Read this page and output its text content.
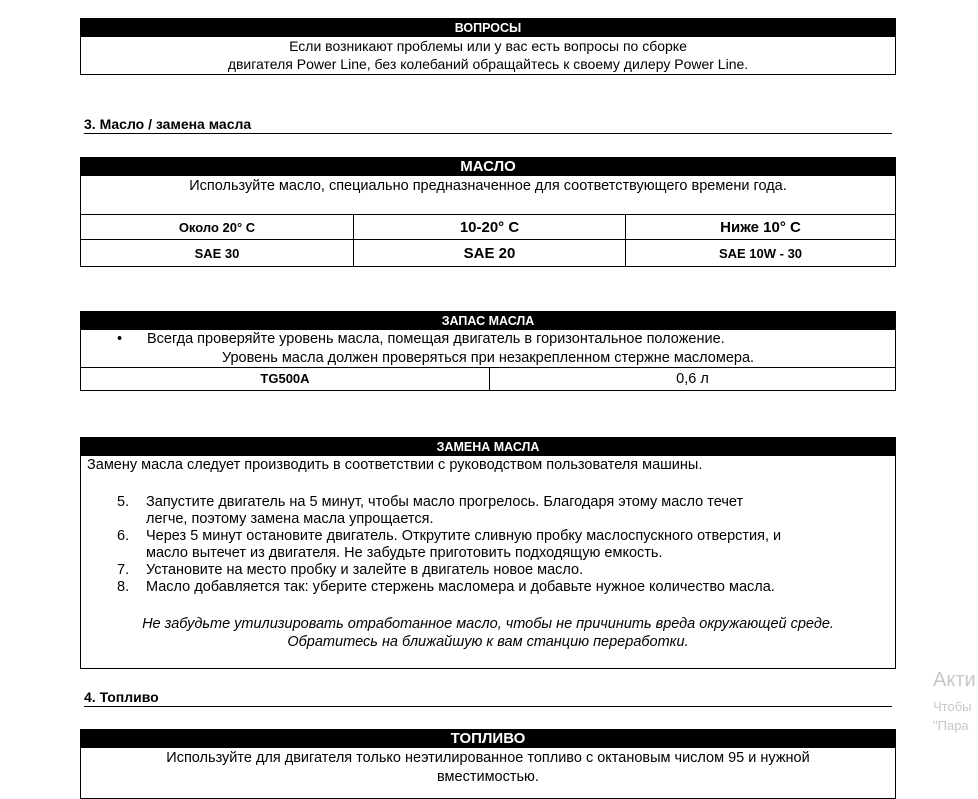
ВОПРОСЫ
Если возникают проблемы или у вас есть вопросы по сборке
двигателя Power Line, без колебаний обращайтесь к своему дилеру Power Line.
3. Масло / замена масла
МАСЛО
Используйте масло, специально предназначенное для соответствующего времени года.
Около 20° C	10-20° C	Ниже 10° C
SAE 30	SAE 20	SAE 10W - 30
ЗАПАС МАСЛА
• Всегда проверяйте уровень масла, помещая двигатель в горизонтальное положение.
Уровень масла должен проверяться при незакрепленном стержне масломера.
TG500A	0,6 л
ЗАМЕНА МАСЛА
Замену масла следует производить в соответствии с руководством пользователя машины.
5. Запустите двигатель на 5 минут, чтобы масло прогрелось. Благодаря этому масло течет
легче, поэтому замена масла упрощается.
6. Через 5 минут остановите двигатель. Открутите сливную пробку маслоспускного отверстия, и
масло вытечет из двигателя. Не забудьте приготовить подходящую емкость.
7. Установите на место пробку и залейте в двигатель новое масло.
8. Масло добавляется так: уберите стержень масломера и добавьте нужное количество масла.
Не забудьте утилизировать отработанное масло, чтобы не причинить вреда окружающей среде.
Обратитесь на ближайшую к вам станцию переработки.
4. Топливо
ТОПЛИВО
Используйте для двигателя только неэтилированное топливо с октановым числом 95 и нужной
вместимостью.
Акти
Чтобы
"Пара
